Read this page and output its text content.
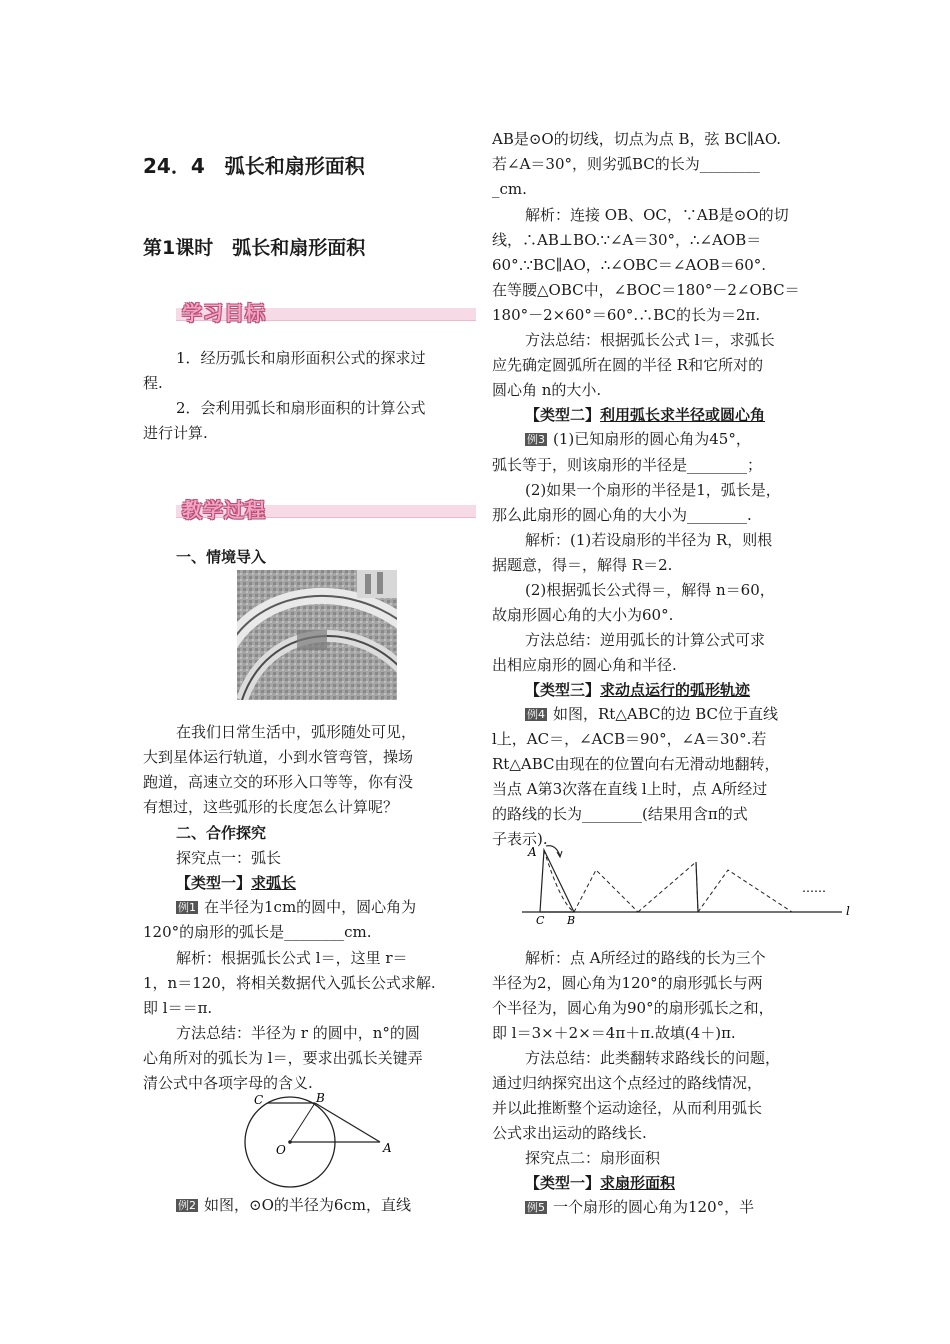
24．4　弧长和扇形面积
第1课时　弧长和扇形面积
学习目标
1．经历弧长和扇形面积公式的探求过
程.
2．会利用弧长和扇形面积的计算公式
进行计算.
教学过程
一、情境导入
在我们日常生活中，弧形随处可见，
大到星体运行轨道，小到水管弯管，操场
跑道，高速立交的环形入口等等，你有没
有想过，这些弧形的长度怎么计算呢？
二、合作探究
探究点一：弧长
【类型一】求弧长
例1 在半径为1cm的圆中，圆心角为
120°的扇形的弧长是________cm.
解析：根据弧长公式 l＝，这里 r＝
1，n＝120，将相关数据代入弧长公式求解.
即 l＝＝π.
方法总结：半径为 r 的圆中，n°的圆
心角所对的弧长为 l＝，要求出弧长关键弄
清公式中各项字母的含义.
C	B
O	A
例2 如图，⊙O的半径为6cm，直线
AB是⊙O的切线，切点为点 B，弦 BC∥AO.
若∠A＝30°，则劣弧BC的长为________
_cm.
解析：连接 OB、OC，∵AB是⊙O的切
线，∴AB⊥BO.∵∠A＝30°，∴∠AOB＝
60°.∵BC∥AO，∴∠OBC＝∠AOB＝60°.
在等腰△OBC中，∠BOC＝180°－2∠OBC＝
180°－2×60°＝60°.∴BC的长为＝2π.
方法总结：根据弧长公式 l＝，求弧长
应先确定圆弧所在圆的半径 R和它所对的
圆心角 n的大小.
【类型二】利用弧长求半径或圆心角
例3 (1)已知扇形的圆心角为45°，
弧长等于，则该扇形的半径是________；
(2)如果一个扇形的半径是1，弧长是，
那么此扇形的圆心角的大小为________.
解析：(1)若设扇形的半径为 R，则根
据题意，得＝，解得 R＝2.
(2)根据弧长公式得＝，解得 n＝60，
故扇形圆心角的大小为60°.
方法总结：逆用弧长的计算公式可求
出相应扇形的圆心角和半径.
【类型三】求动点运行的弧形轨迹
例4 如图，Rt△ABC的边 BC位于直线
l上，AC＝，∠ACB＝90°，∠A＝30°.若
Rt△ABC由现在的位置向右无滑动地翻转，
当点 A第3次落在直线 l上时，点 A所经过
的路线的长为________(结果用含π的式
子表示).
A
C B
l
……
解析：点 A所经过的路线的长为三个
半径为2，圆心角为120°的扇形弧长与两
个半径为，圆心角为90°的扇形弧长之和，
即 l＝3×＋2×＝4π＋π.故填(4＋)π.
方法总结：此类翻转求路线长的问题，
通过归纳探究出这个点经过的路线情况，
并以此推断整个运动途径，从而利用弧长
公式求出运动的路线长.
探究点二：扇形面积
【类型一】求扇形面积
例5 一个扇形的圆心角为120°，半
